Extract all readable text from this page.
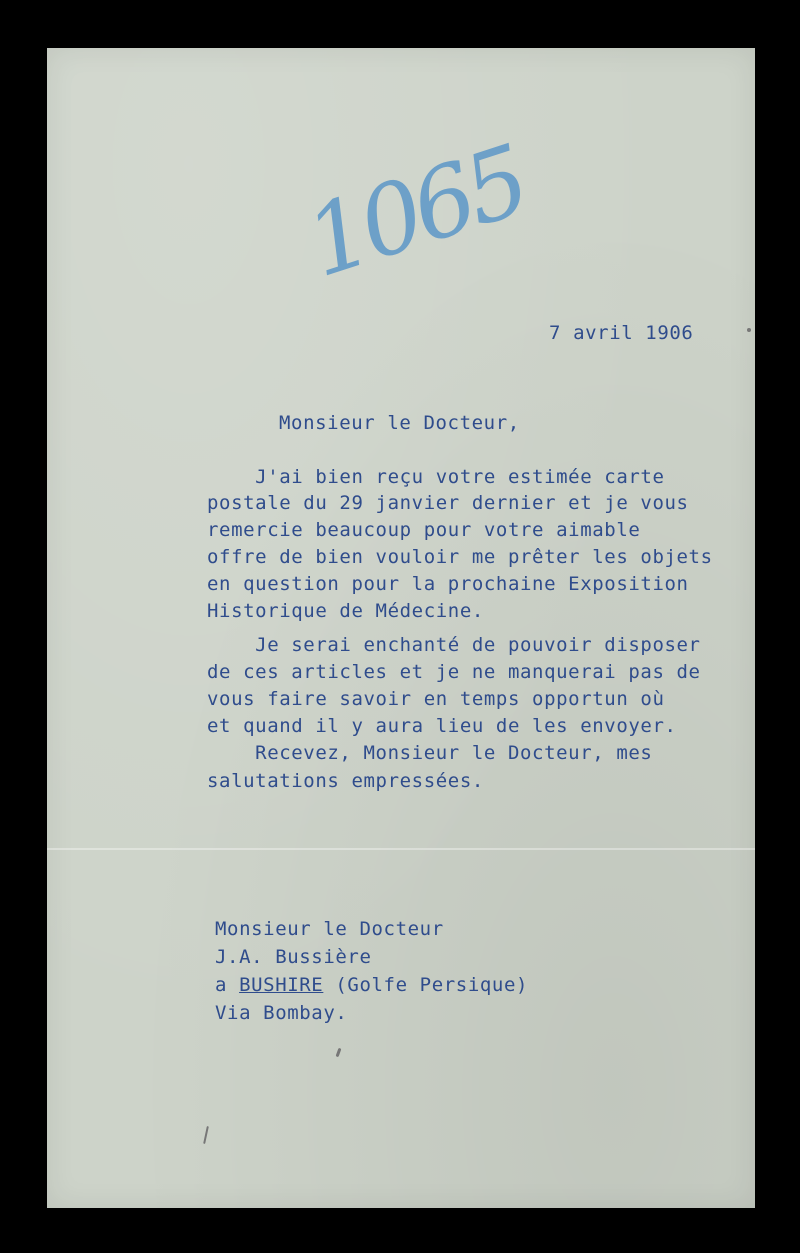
1065
7 avril 1906
Monsieur le Docteur,
J'ai bien reçu votre estimée carte
postale du 29 janvier dernier et je vous
remercie beaucoup pour votre aimable
offre de bien vouloir me prêter les objets
en question pour la prochaine Exposition
Historique de Médecine.
Je serai enchanté de pouvoir disposer
de ces articles et je ne manquerai pas de
vous faire savoir en temps opportun où
et quand il y aura lieu de les envoyer.
Recevez, Monsieur le Docteur, mes
salutations empressées.
Monsieur le Docteur
J.A. Bussière
a BUSHIRE (Golfe Persique)
Via Bombay.
